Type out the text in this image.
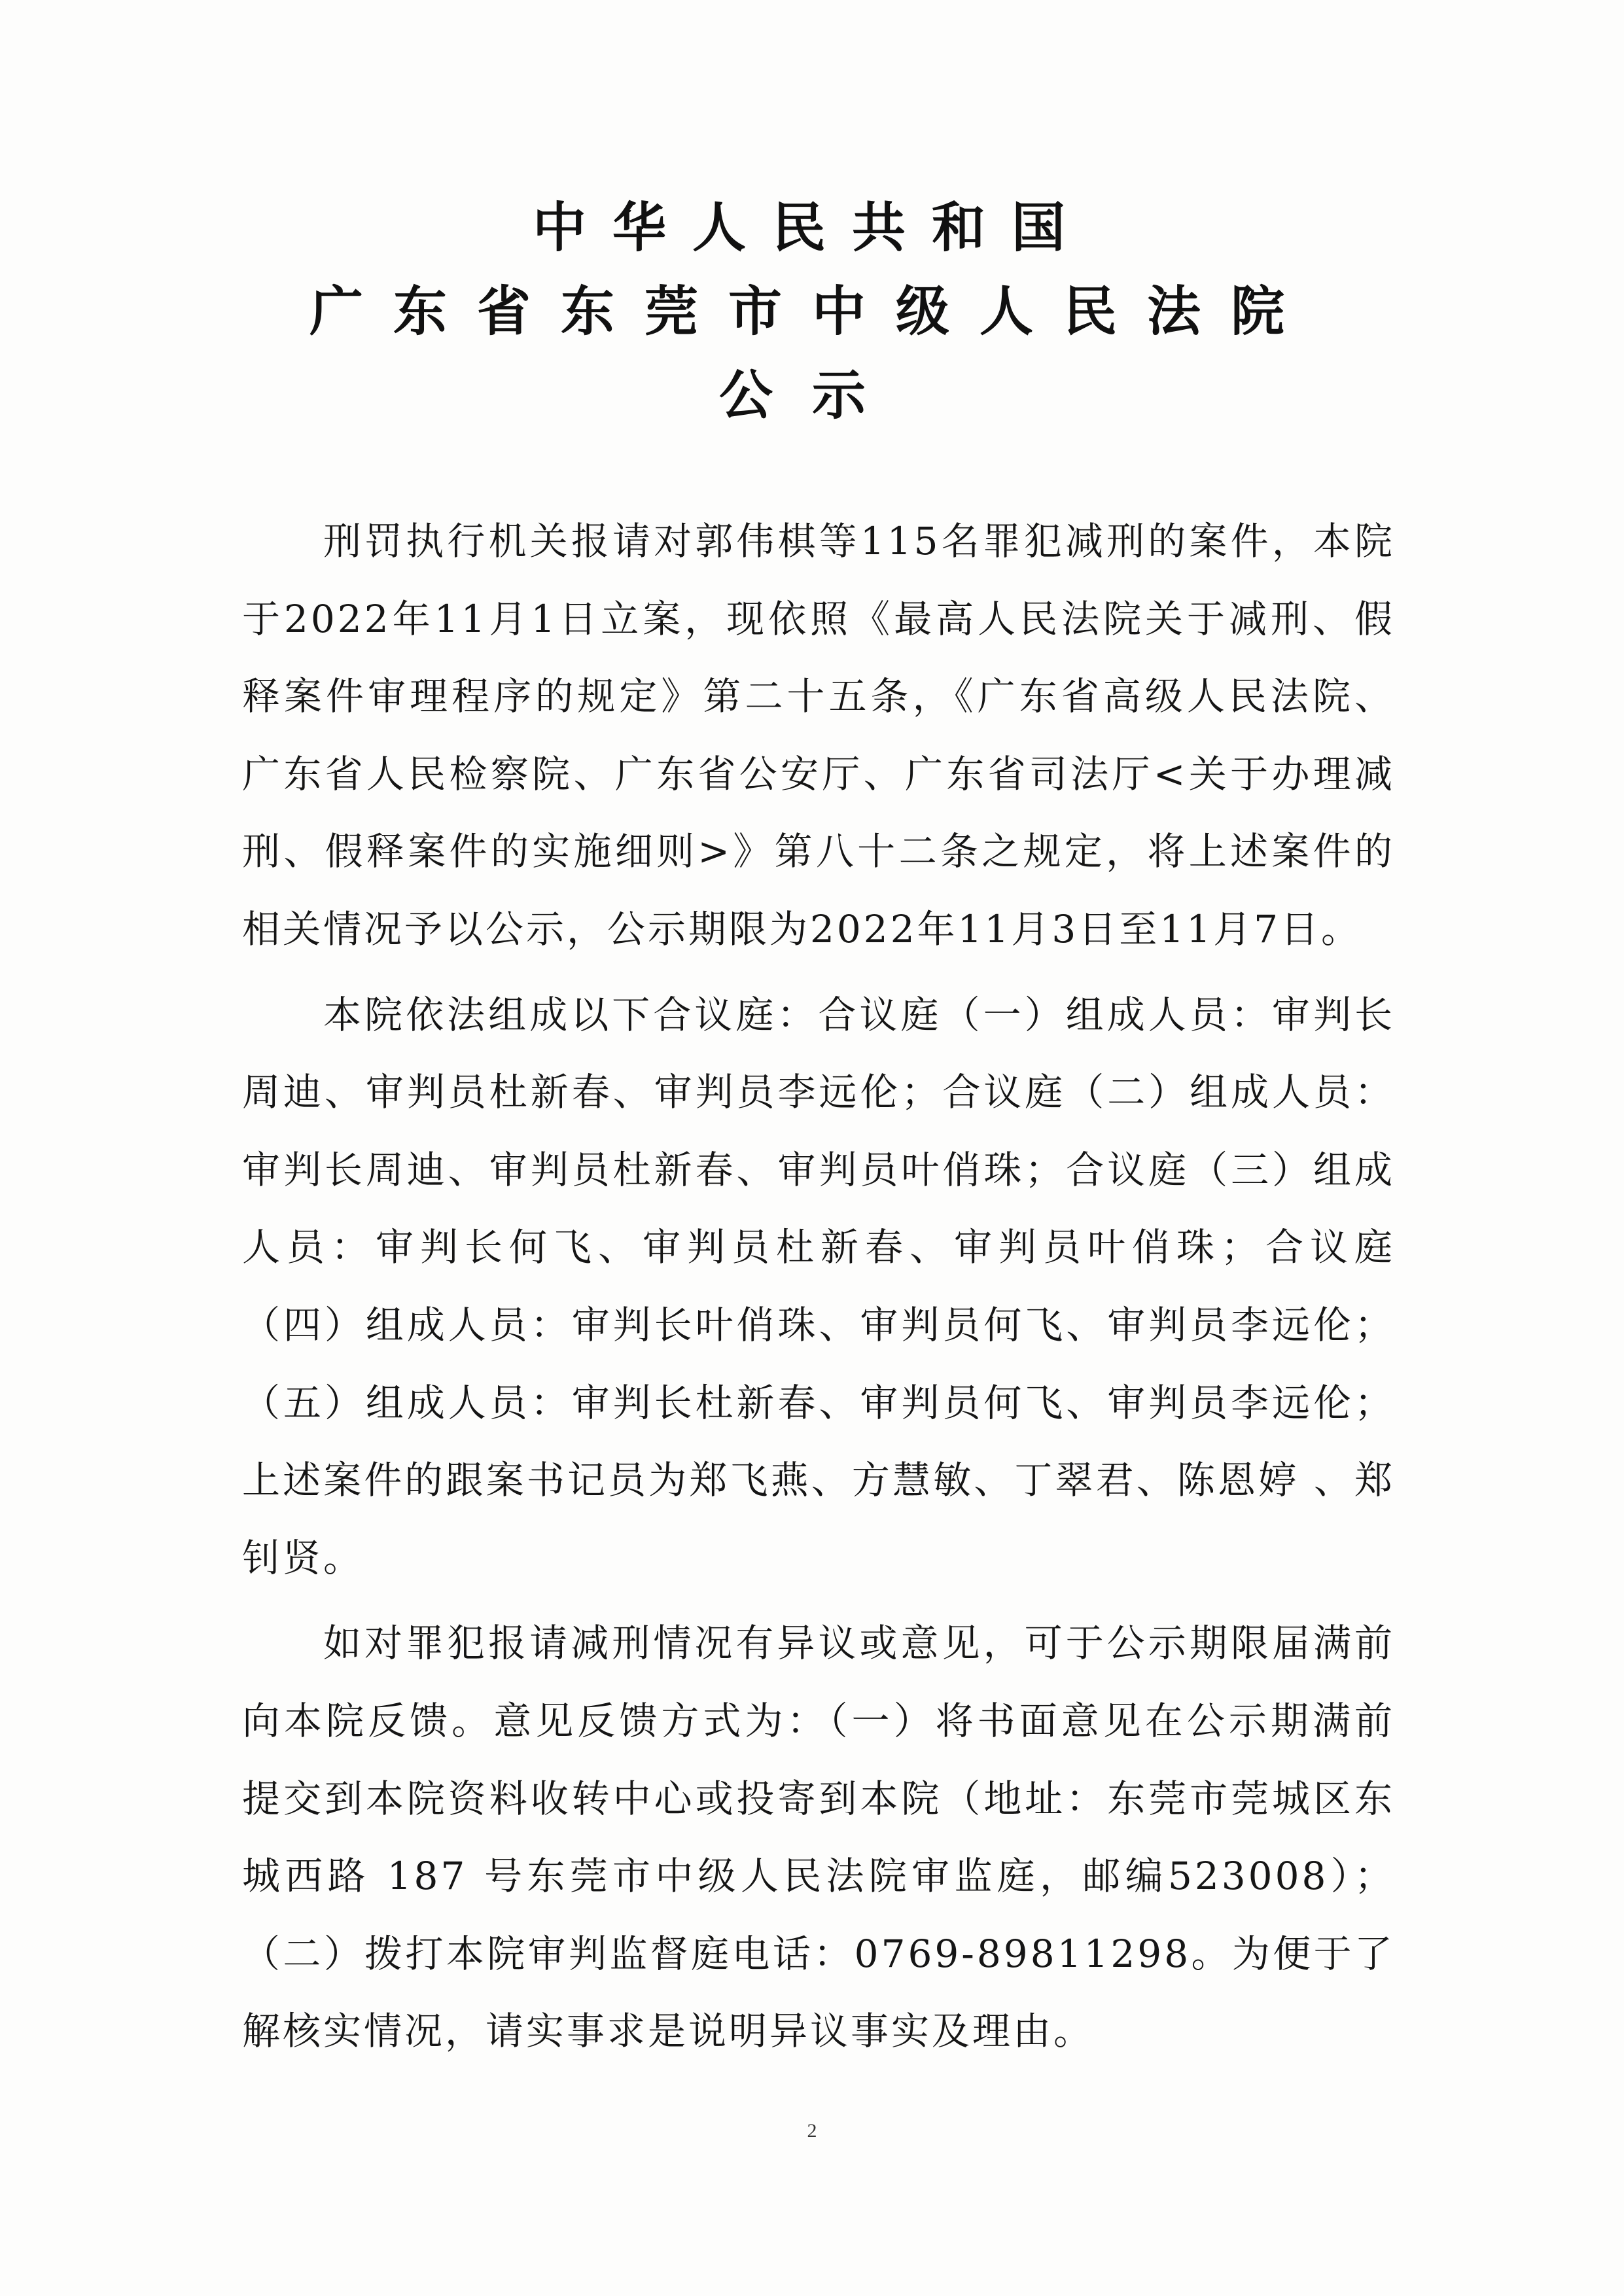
中华人民共和国
广东省东莞市中级人民法院
公示

刑罚执行机关报请对郭伟棋等115名罪犯减刑的案件，本院于2022年11月1日立案，现依照《最高人民法院关于减刑、假释案件审理程序的规定》第二十五条，《广东省高级人民法院、广东省人民检察院、广东省公安厅、广东省司法厅<关于办理减刑、假释案件的实施细则>》第八十二条之规定，将上述案件的相关情况予以公示，公示期限为2022年11月3日至11月7日。

本院依法组成以下合议庭：合议庭（一）组成人员：审判长周迪、审判员杜新春、审判员李远伦；合议庭（二）组成人员：审判长周迪、审判员杜新春、审判员叶俏珠；合议庭（三）组成人员：审判长何飞、审判员杜新春、审判员叶俏珠；合议庭（四）组成人员：审判长叶俏珠、审判员何飞、审判员李远伦；（五）组成人员：审判长杜新春、审判员何飞、审判员李远伦；上述案件的跟案书记员为郑飞燕、方慧敏、丁翠君、陈恩婷 、郑钊贤。

如对罪犯报请减刑情况有异议或意见，可于公示期限届满前向本院反馈。意见反馈方式为：（一）将书面意见在公示期满前提交到本院资料收转中心或投寄到本院（地址：东莞市莞城区东城西路 187 号东莞市中级人民法院审监庭，邮编523008）；（二）拨打本院审判监督庭电话：0769-89811298。为便于了解核实情况，请实事求是说明异议事实及理由。

2
